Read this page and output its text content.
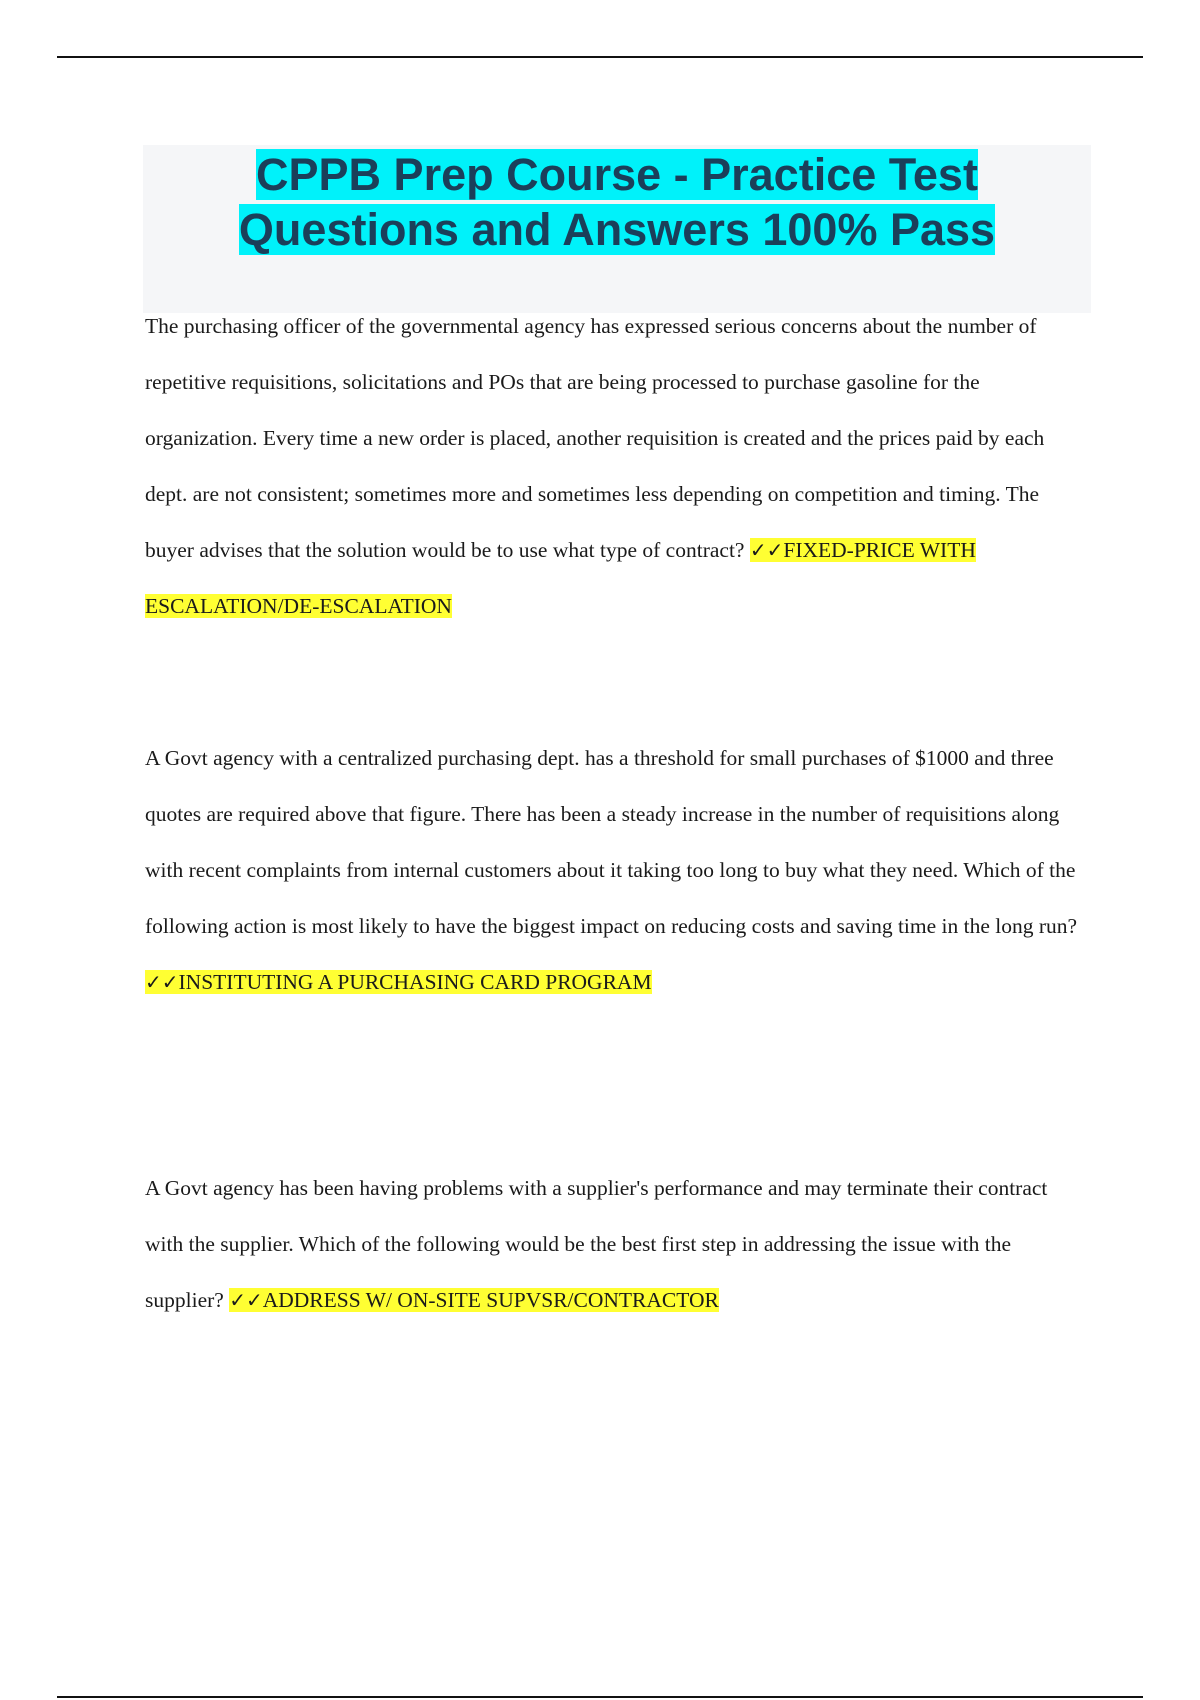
CPPB Prep Course - Practice Test Questions and Answers 100% Pass
The purchasing officer of the governmental agency has expressed serious concerns about the number of repetitive requisitions, solicitations and POs that are being processed to purchase gasoline for the organization. Every time a new order is placed, another requisition is created and the prices paid by each dept. are not consistent; sometimes more and sometimes less depending on competition and timing. The buyer advises that the solution would be to use what type of contract? ✓✓FIXED-PRICE WITH ESCALATION/DE-ESCALATION
A Govt agency with a centralized purchasing dept. has a threshold for small purchases of $1000 and three quotes are required above that figure. There has been a steady increase in the number of requisitions along with recent complaints from internal customers about it taking too long to buy what they need. Which of the following action is most likely to have the biggest impact on reducing costs and saving time in the long run? ✓✓INSTITUTING A PURCHASING CARD PROGRAM
A Govt agency has been having problems with a supplier's performance and may terminate their contract with the supplier. Which of the following would be the best first step in addressing the issue with the supplier? ✓✓ADDRESS W/ ON-SITE SUPVSR/CONTRACTOR
